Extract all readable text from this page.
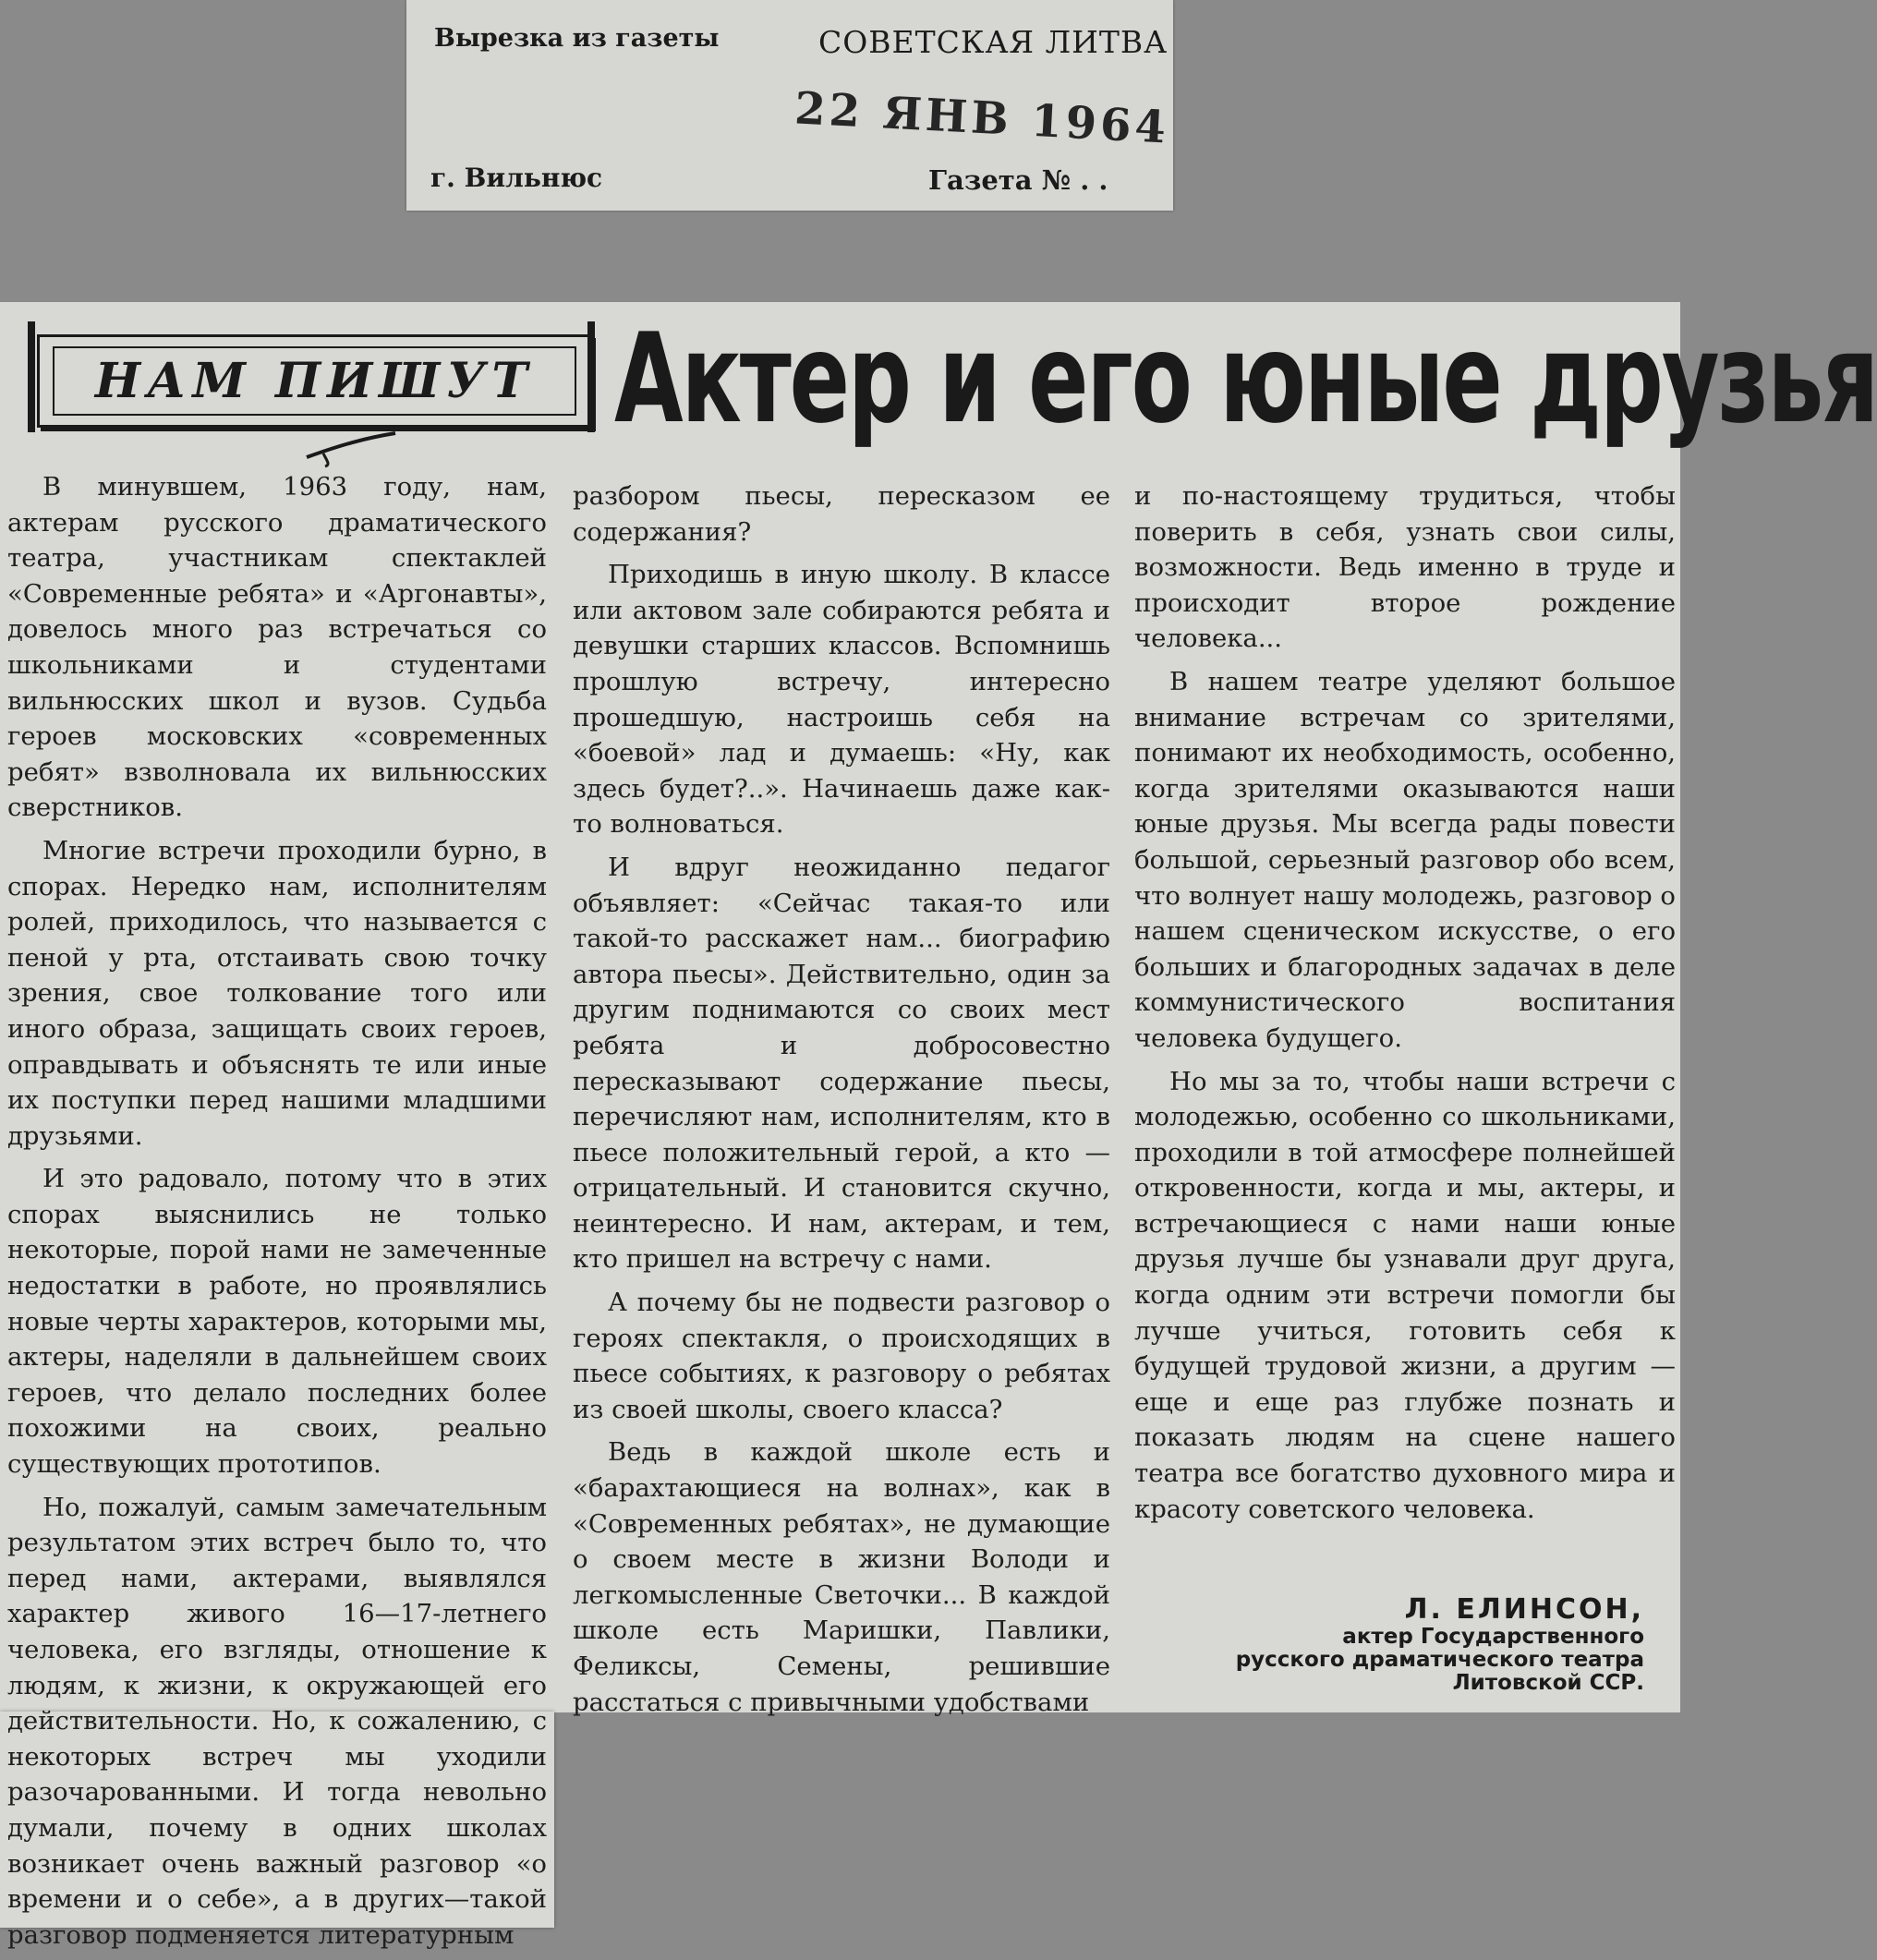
Вырезка из газеты	СОВЕТСКАЯ ЛИТВА
22 ЯНВ 1964
г. Вильнюс	Газета № . .
НАМ ПИШУТ Актер и его юные друзья

В минувшем, 1963 году, нам, актерам русского драматического театра, участникам спектаклей «Современные ребята» и «Аргонавты», довелось много раз встречаться со школьниками и студентами вильнюсских школ и вузов. Судьба героев московских «современных ребят» взволновала их вильнюсских сверстников.

Многие встречи проходили бурно, в спорах. Нередко нам, исполнителям ролей, приходилось, что называется с пеной у рта, отстаивать свою точку зрения, свое толкование того или иного образа, защищать своих героев, оправдывать и объяснять те или иные их поступки перед нашими младшими друзьями.

И это радовало, потому что в этих спорах выяснились не только некоторые, порой нами не замеченные недостатки в работе, но проявлялись новые черты характеров, которыми мы, актеры, наделяли в дальнейшем своих героев, что делало последних более похожими на своих, реально существующих прототипов.

Но, пожалуй, самым замечательным результатом этих встреч было то, что перед нами, актерами, выявлялся характер живого 16—17-летнего человека, его взгляды, отношение к людям, к жизни, к окружающей его действительности. Но, к сожалению, с некоторых встреч мы уходили разочарованными. И тогда невольно думали, почему в одних школах возникает очень важный разговор «о времени и о себе», а в других—такой разговор подменяется литературным

разбором пьесы, пересказом ее содержания?

Приходишь в иную школу. В классе или актовом зале собираются ребята и девушки старших классов. Вспомнишь прошлую встречу, интересно прошедшую, настроишь себя на «боевой» лад и думаешь: «Ну, как здесь будет?..». Начинаешь даже как-то волноваться.

И вдруг неожиданно педагог объявляет: «Сейчас такая-то или такой-то расскажет нам... биографию автора пьесы». Действительно, один за другим поднимаются со своих мест ребята и добросовестно пересказывают содержание пьесы, перечисляют нам, исполнителям, кто в пьесе положительный герой, а кто — отрицательный. И становится скучно, неинтересно. И нам, актерам, и тем, кто пришел на встречу с нами.

А почему бы не подвести разговор о героях спектакля, о происходящих в пьесе событиях, к разговору о ребятах из своей школы, своего класса?

Ведь в каждой школе есть и «барахтающиеся на волнах», как в «Современных ребятах», не думающие о своем месте в жизни Володи и легкомысленные Светочки... В каждой школе есть Маришки, Павлики, Феликсы, Семены, решившие расстаться с привычными удобствами

и по-настоящему трудиться, чтобы поверить в себя, узнать свои силы, возможности. Ведь именно в труде и происходит второе рождение человека...

В нашем театре уделяют большое внимание встречам со зрителями, понимают их необходимость, особенно, когда зрителями оказываются наши юные друзья. Мы всегда рады повести большой, серьезный разговор обо всем, что волнует нашу молодежь, разговор о нашем сценическом искусстве, о его больших и благородных задачах в деле коммунистического воспитания человека будущего.

Но мы за то, чтобы наши встречи с молодежью, особенно со школьниками, проходили в той атмосфере полнейшей откровенности, когда и мы, актеры, и встречающиеся с нами наши юные друзья лучше бы узнавали друг друга, когда одним эти встречи помогли бы лучше учиться, готовить себя к будущей трудовой жизни, а другим — еще и еще раз глубже познать и показать людям на сцене нашего театра все богатство духовного мира и красоту советского человека.

Л. ЕЛИНСОН,
актер Государственного
русского драматического театра
Литовской ССР.
